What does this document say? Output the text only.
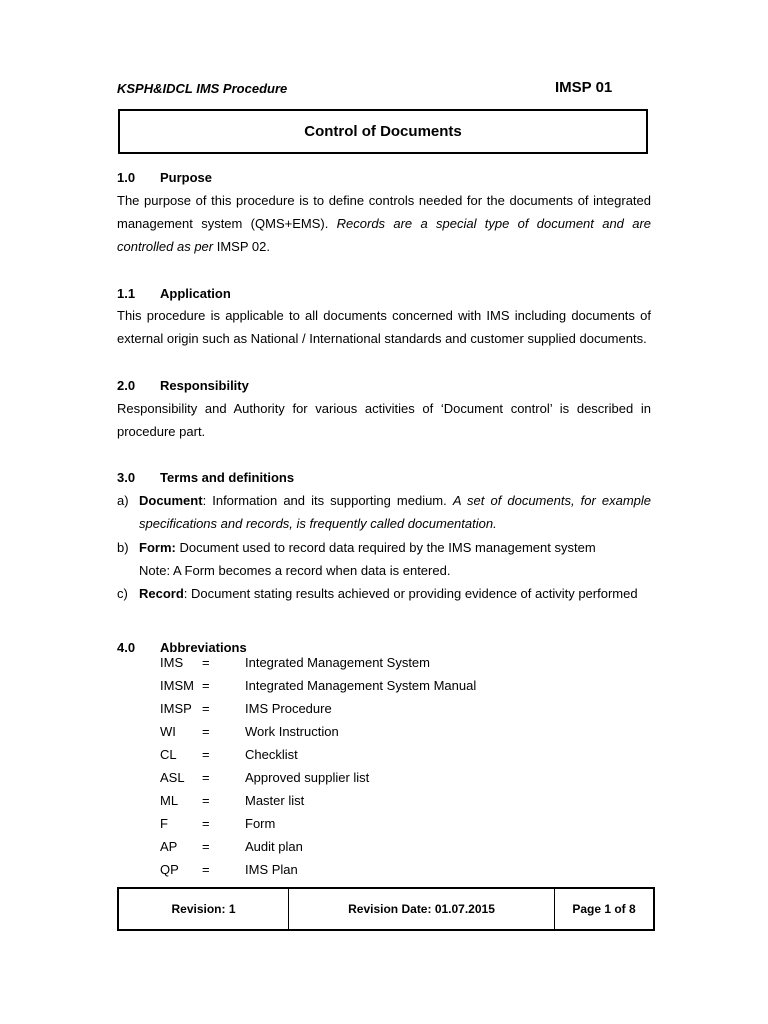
KSPH&IDCL IMS Procedure	IMSP 01
Control of Documents
1.0 Purpose
The purpose of this procedure is to define controls needed for the documents of integrated management system (QMS+EMS). Records are a special type of document and are controlled as per IMSP 02.
1.1 Application
This procedure is applicable to all documents concerned with IMS including documents of external origin such as National / International standards and customer supplied documents.
2.0 Responsibility
Responsibility and Authority for various activities of ‘Document control’ is described in procedure part.
3.0 Terms and definitions
a) Document: Information and its supporting medium. A set of documents, for example specifications and records, is frequently called documentation.
b) Form: Document used to record data required by the IMS management system
Note: A Form becomes a record when data is entered.
c) Record: Document stating results achieved or providing evidence of activity performed
4.0 Abbreviations
IMS =	Integrated Management System
IMSM =	Integrated Management System Manual
IMSP =	IMS Procedure
WI =	Work Instruction
CL =	Checklist
ASL =	Approved supplier list
ML =	Master list
F	=	Form
AP =	Audit plan
QP =	IMS Plan
Revision: 1	Revision Date: 01.07.2015	Page 1 of 8
